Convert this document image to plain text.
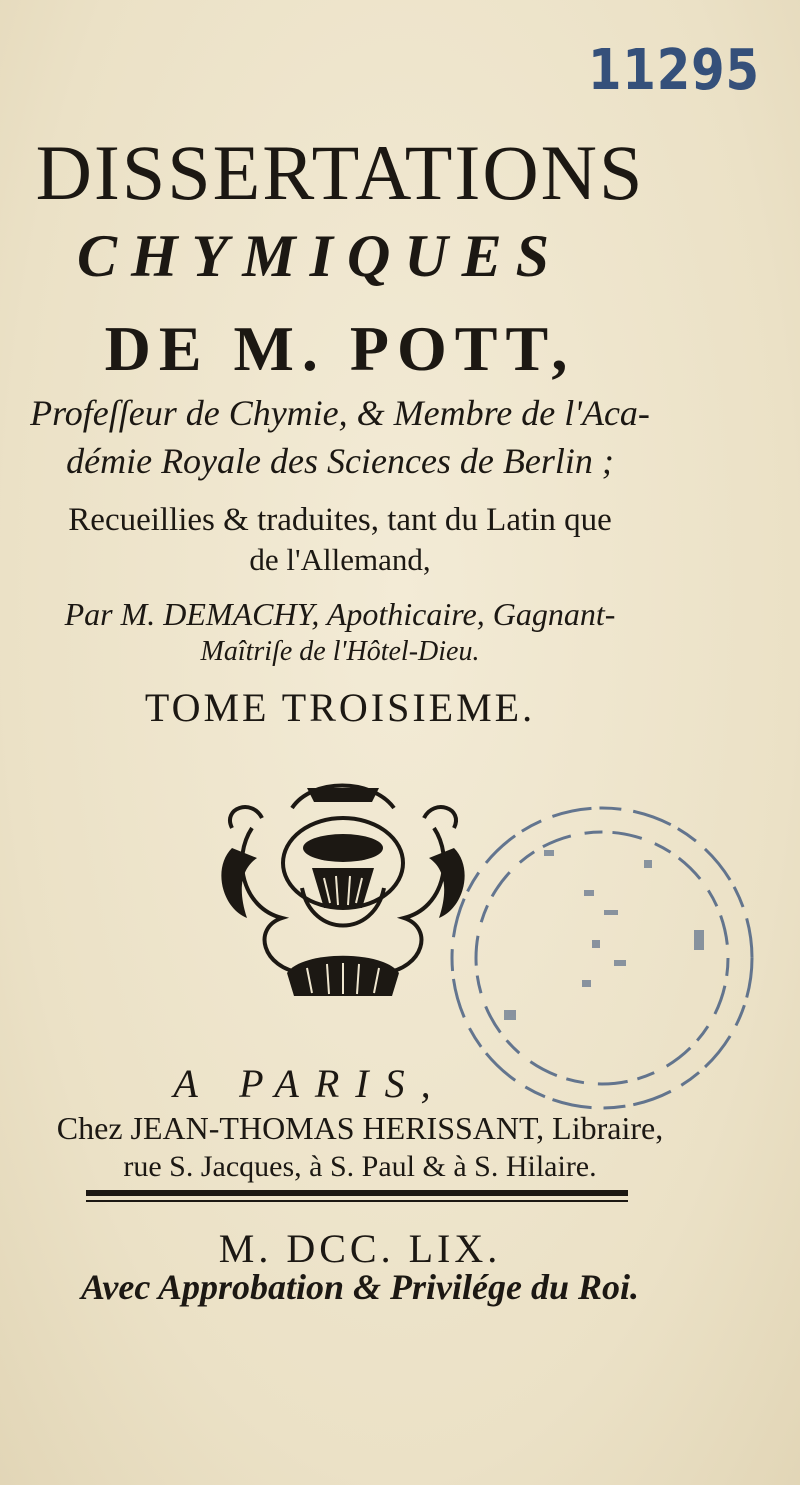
11295
DISSERTATIONS
CHYMIQUES
DE M. POTT,
Profeſſeur de Chymie, & Membre de l'Aca-
démie Royale des Sciences de Berlin ;
Recueillies & traduites, tant du Latin que
de l'Allemand,
Par M. DEMACHY, Apothicaire, Gagnant-
Maîtriſe de l'Hôtel-Dieu.
TOME TROISIEME.
A PARIS,
Chez JEAN-THOMAS HERISSANT, Libraire,
rue S. Jacques, à S. Paul & à S. Hilaire.
M. DCC. LIX.
Avec Approbation & Privilége du Roi.
